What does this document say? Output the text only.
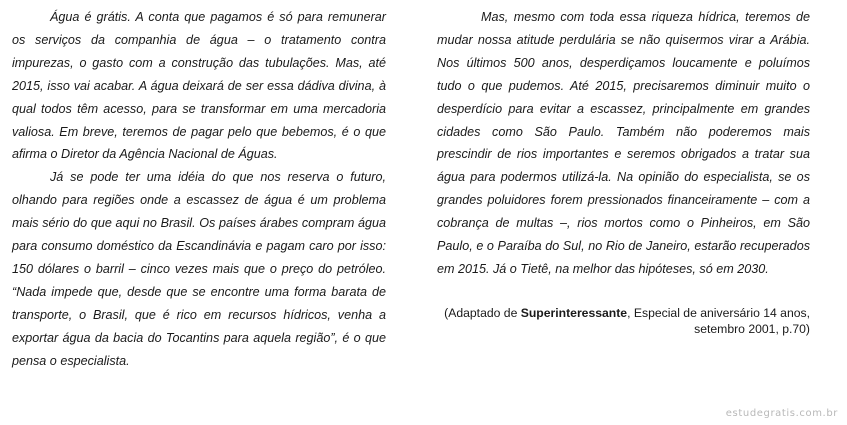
Água é grátis. A conta que pagamos é só para remunerar os serviços da companhia de água – o tratamento contra impurezas, o gasto com a construção das tubulações. Mas, até 2015, isso vai acabar. A água deixará de ser essa dádiva divina, à qual todos têm acesso, para se transformar em uma mercadoria valiosa. Em breve, teremos de pagar pelo que bebemos, é o que afirma o Diretor da Agência Nacional de Águas.

Já se pode ter uma idéia do que nos reserva o futuro, olhando para regiões onde a escassez de água é um problema mais sério do que aqui no Brasil. Os países árabes compram água para consumo doméstico da Escandinávia e pagam caro por isso: 150 dólares o barril – cinco vezes mais que o preço do petróleo. “Nada impede que, desde que se encontre uma forma barata de transporte, o Brasil, que é rico em recursos hídricos, venha a exportar água da bacia do Tocantins para aquela região”, é o que pensa o especialista.

Mas, mesmo com toda essa riqueza hídrica, teremos de mudar nossa atitude perdulária se não quisermos virar a Arábia. Nos últimos 500 anos, desperdiçamos loucamente e poluímos tudo o que pudemos. Até 2015, precisaremos diminuir muito o desperdício para evitar a escassez, principalmente em grandes cidades como São Paulo. Também não poderemos mais prescindir de rios importantes e seremos obrigados a tratar sua água para podermos utilizá-la. Na opinião do especialista, se os grandes poluidores forem pressionados financeiramente – com a cobrança de multas –, rios mortos como o Pinheiros, em São Paulo, e o Paraíba do Sul, no Rio de Janeiro, estarão recuperados em 2015. Já o Tietê, na melhor das hipóteses, só em 2030.

(Adaptado de Superinteressante, Especial de aniversário 14 anos, setembro 2001, p.70)
estudegratis.com.br
